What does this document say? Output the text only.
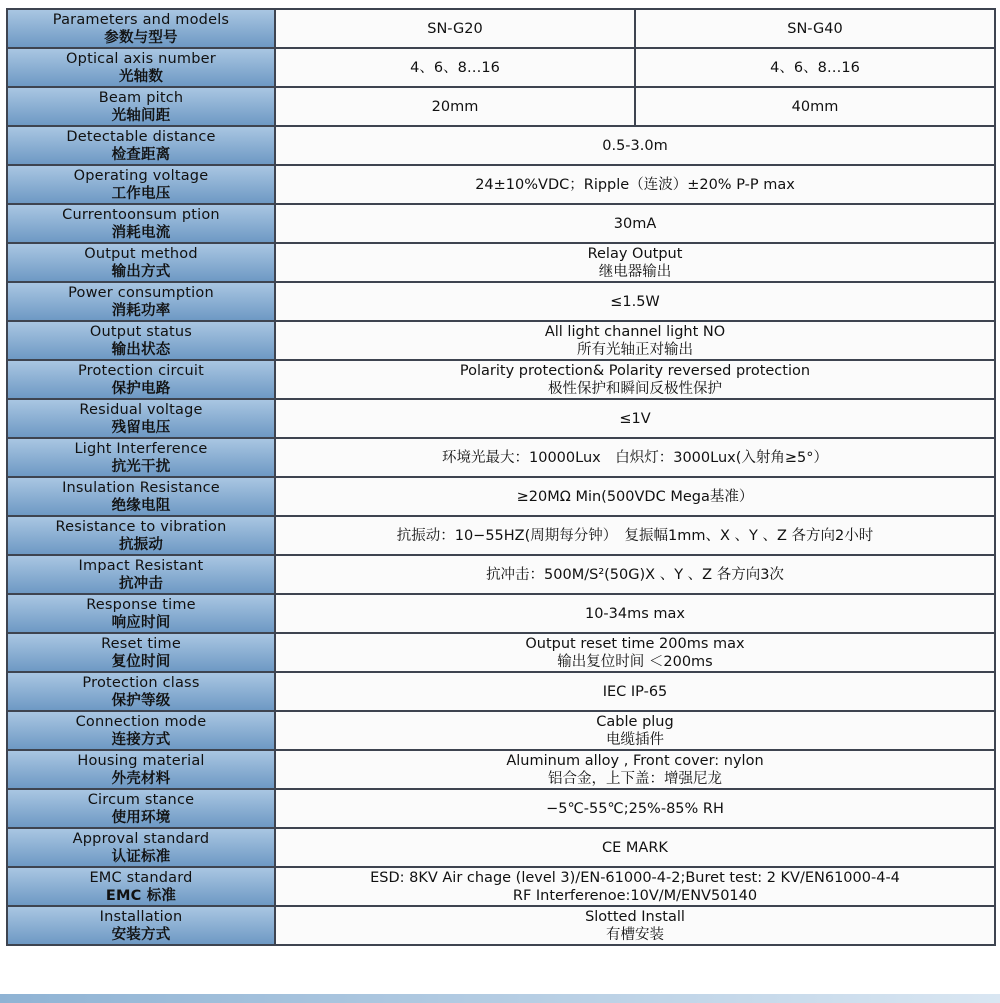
Parameters and models
参数与型号	SN-G20	SN-G40

Optical axis number
光轴数	4、6、8…16	4、6、8…16

Beam pitch
光轴间距	20mm	40mm

Detectable distance
检查距离	0.5-3.0m	

Operating voltage
工作电压	24±10%VDC；Ripple（连波）±20% P-P max	

Currentoonsum ption
消耗电流	30mA	

Output method
输出方式	Relay Output
继电器输出	

Power consumption
消耗功率	≤1.5W	

Output status
输出状态	All light channel light NO
所有光轴正对输出	

Protection circuit
保护电路	Polarity protection& Polarity reversed protection
极性保护和瞬间反极性保护	

Residual voltage
残留电压	≤1V	

Light Interference
抗光干扰	环境光最大：10000Lux　白炽灯：3000Lux(入射角≥5°）	

Insulation Resistance
绝缘电阻	≥20MΩ Min(500VDC Mega基准）	

Resistance to vibration
抗振动	抗振动：10−55HZ(周期每分钟）　复振幅1mm、X 、Y 、Z 各方向2小时	

Impact Resistant
抗冲击	抗冲击：500M/S²(50G)X 、Y 、Z 各方向3次	

Response time
响应时间	10-34ms max	

Reset time
复位时间	Output reset time 200ms max
输出复位时间 ＜200ms	

Protection class
保护等级	IEC IP-65	

Connection mode
连接方式	Cable plug
电缆插件	

Housing material
外壳材料	Aluminum alloy , Front cover: nylon
铝合金，上下盖：增强尼龙	

Circum stance
使用环境	−5℃-55℃;25%-85% RH	

Approval standard
认证标准	CE MARK	

EMC standard
EMC 标准	ESD: 8KV Air chage (level 3)/EN-61000-4-2;Buret test: 2 KV/EN61000-4-4
RF Interferenoe:10V/M/ENV50140	

Installation
安装方式	Slotted Install
有槽安装	
